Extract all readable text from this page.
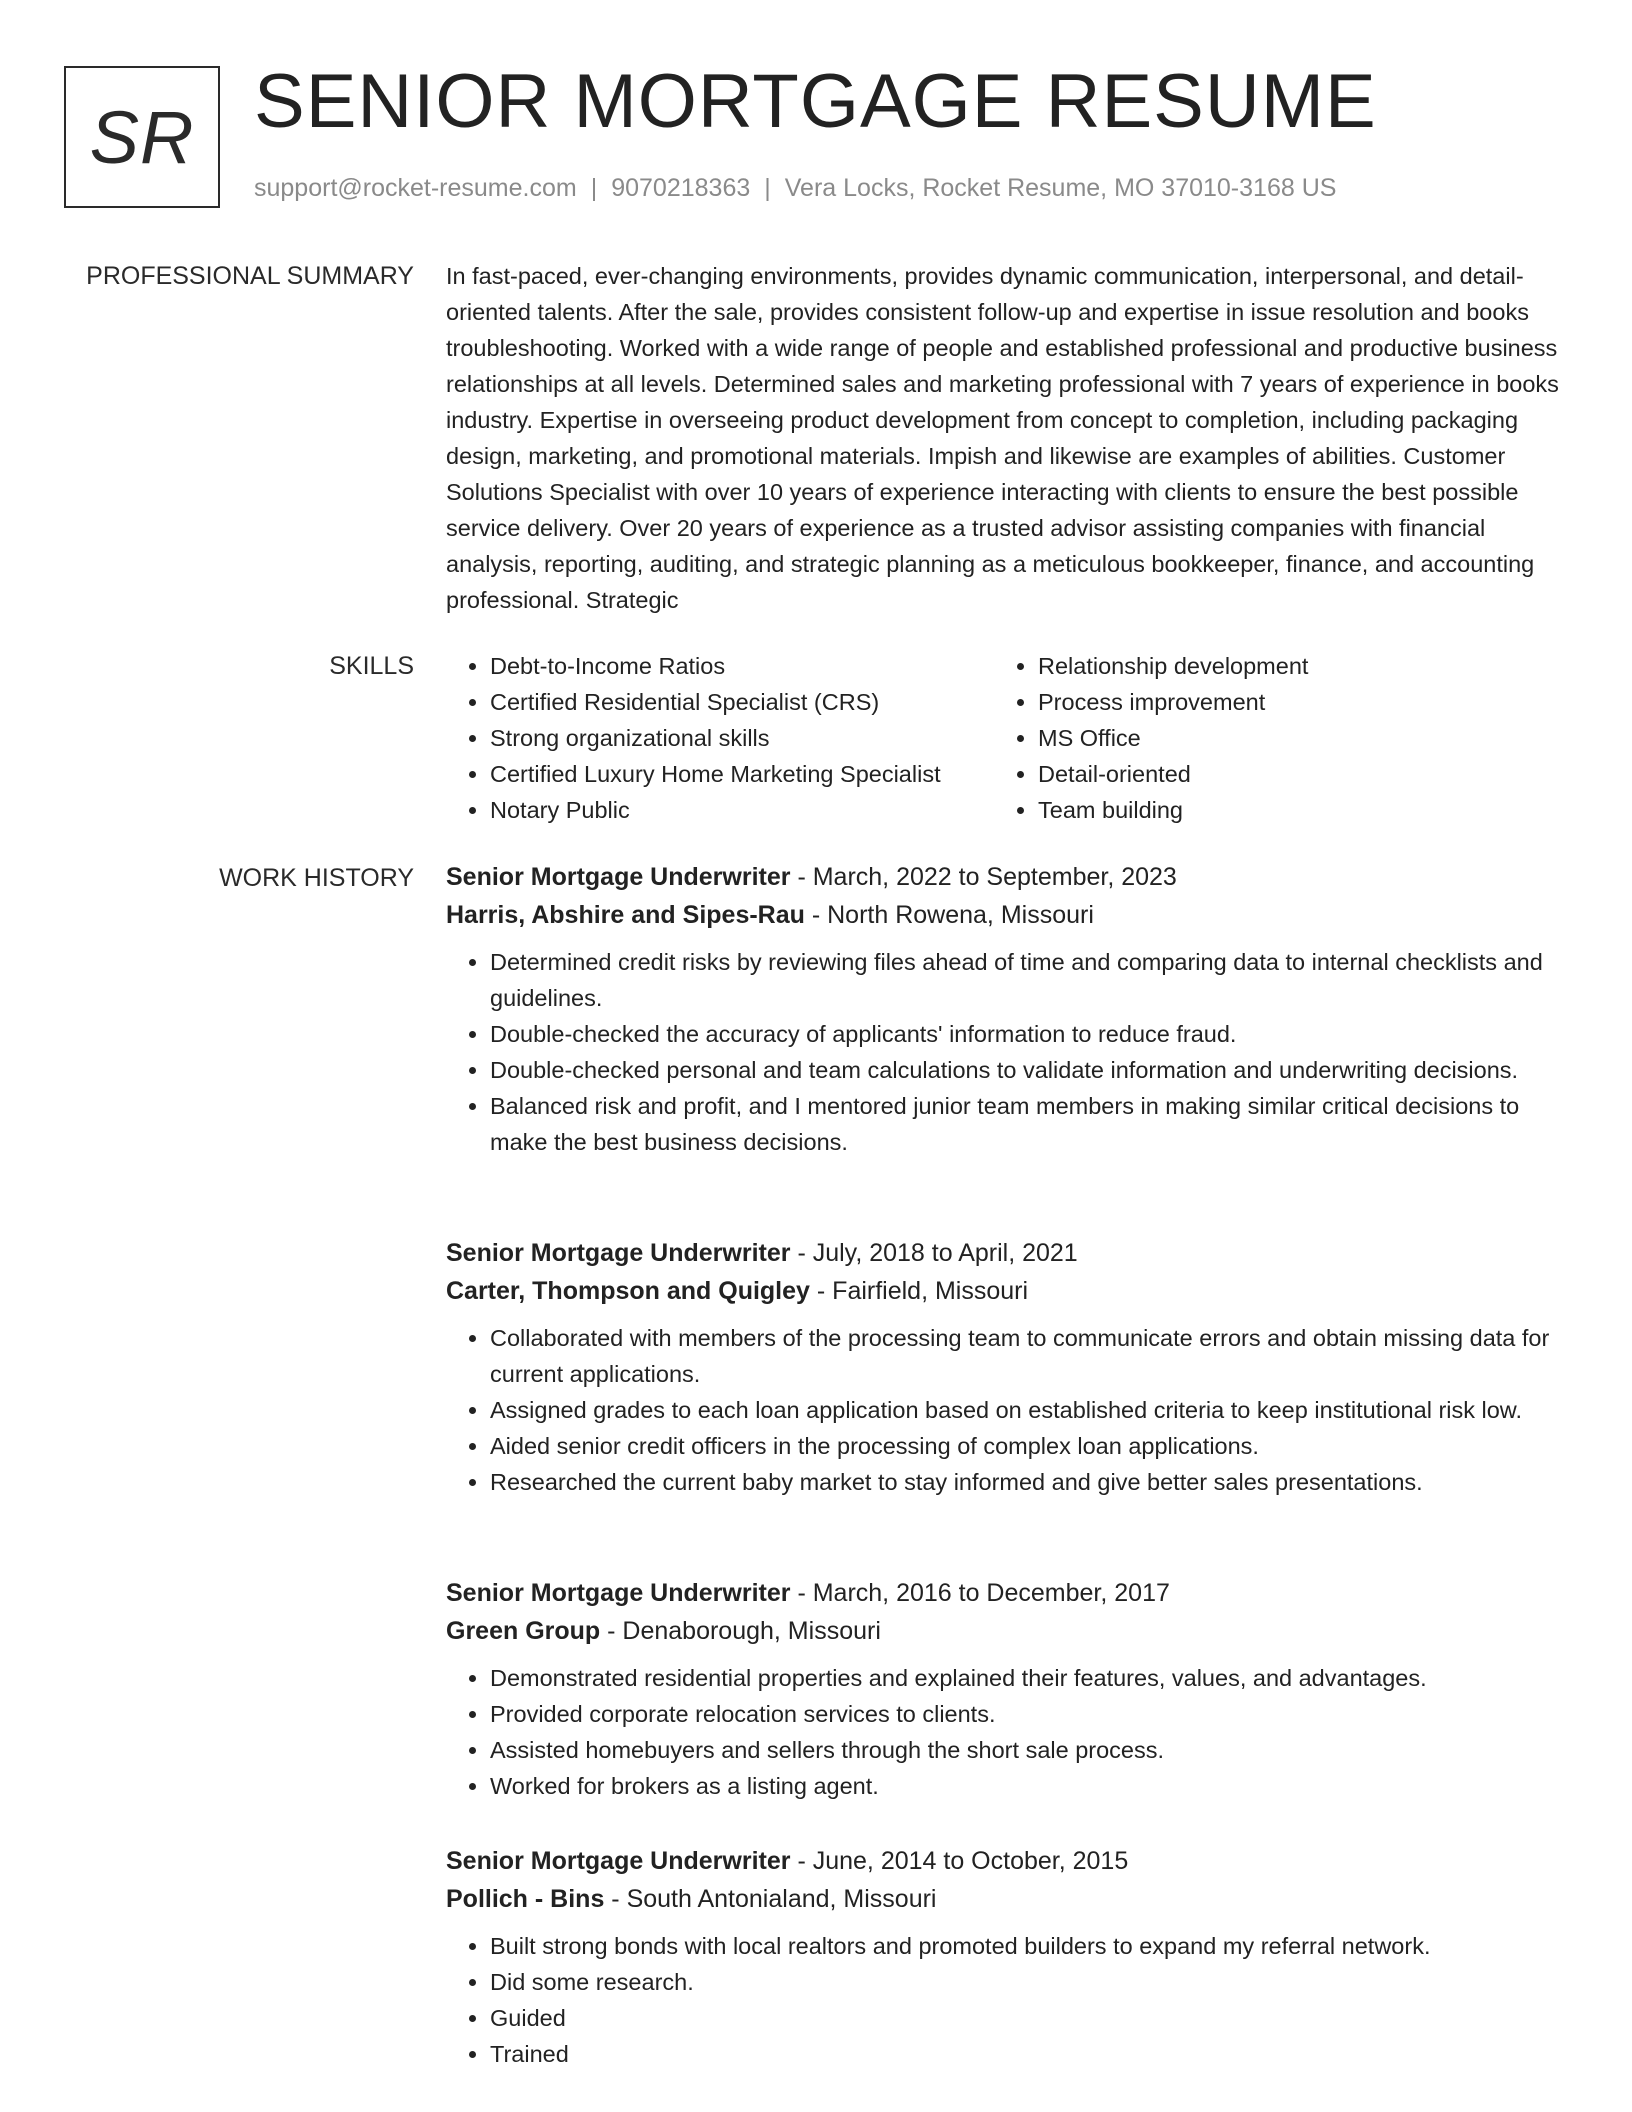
SR SENIOR MORTGAGE RESUME
support@rocket-resume.com | 9070218363 | Vera Locks, Rocket Resume, MO 37010-3168 US
PROFESSIONAL SUMMARY In fast-paced, ever-changing environments, provides dynamic communication, interpersonal, and detail-oriented talents. After the sale, provides consistent follow-up and expertise in issue resolution and books troubleshooting. Worked with a wide range of people and established professional and productive business relationships at all levels. Determined sales and marketing professional with 7 years of experience in books industry. Expertise in overseeing product development from concept to completion, including packaging design, marketing, and promotional materials. Impish and likewise are examples of abilities. Customer Solutions Specialist with over 10 years of experience interacting with clients to ensure the best possible service delivery. Over 20 years of experience as a trusted advisor assisting companies with financial analysis, reporting, auditing, and strategic planning as a meticulous bookkeeper, finance, and accounting professional. Strategic

SKILLS
•	Debt-to-Income Ratios
• Certified Residential Specialist (CRS)
• Strong organizational skills
• Certified Luxury Home Marketing Specialist
• Notary Public
• Relationship development
• Process improvement
• MS Office
• Detail-oriented
• Team building
WORK HISTORY Senior Mortgage Underwriter - March, 2022 to September, 2023
Harris, Abshire and Sipes-Rau - North Rowena, Missouri
• Determined credit risks by reviewing files ahead of time and comparing data to internal checklists and guidelines.
• Double-checked the accuracy of applicants' information to reduce fraud.
• Double-checked personal and team calculations to validate information and underwriting decisions.
• Balanced risk and profit, and I mentored junior team members in making similar critical decisions to make the best business decisions.
Senior Mortgage Underwriter - July, 2018 to April, 2021
Carter, Thompson and Quigley - Fairfield, Missouri
• Collaborated with members of the processing team to communicate errors and obtain missing data for current applications.
• Assigned grades to each loan application based on established criteria to keep institutional risk low.
• Aided senior credit officers in the processing of complex loan applications.
• Researched the current baby market to stay informed and give better sales presentations.
Senior Mortgage Underwriter - March, 2016 to December, 2017
Green Group - Denaborough, Missouri
• Demonstrated residential properties and explained their features, values, and advantages.
• Provided corporate relocation services to clients.
• Assisted homebuyers and sellers through the short sale process.
• Worked for brokers as a listing agent.
Senior Mortgage Underwriter - June, 2014 to October, 2015
Pollich - Bins - South Antonialand, Missouri
• Built strong bonds with local realtors and promoted builders to expand my referral network.
• Did some research.
• Guided
• Trained
